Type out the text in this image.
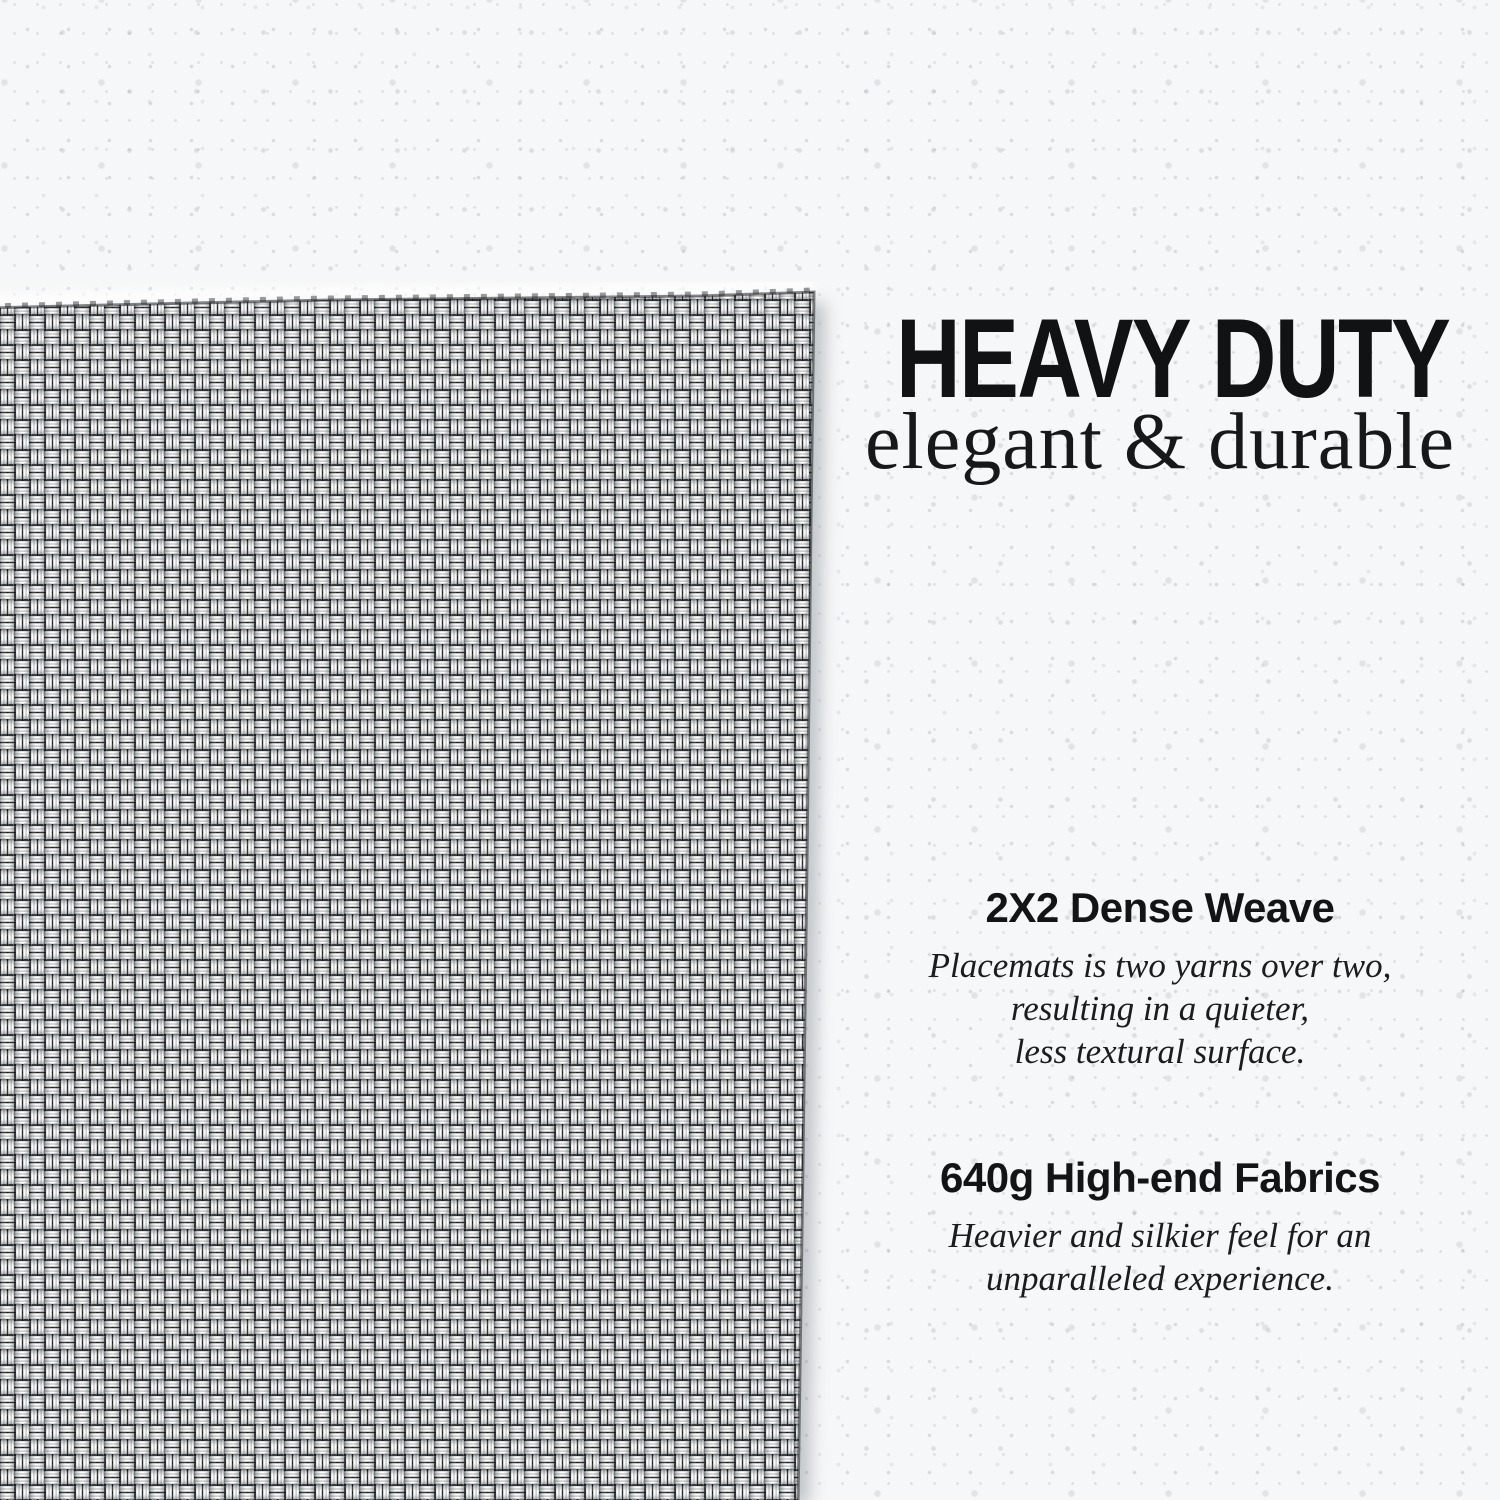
HEAVY DUTY
elegant & durable
2X2 Dense Weave

Placemats is two yarns over two,
resulting in a quieter,
less textural surface.

640g High-end Fabrics

Heavier and silkier feel for an
unparalleled experience.
